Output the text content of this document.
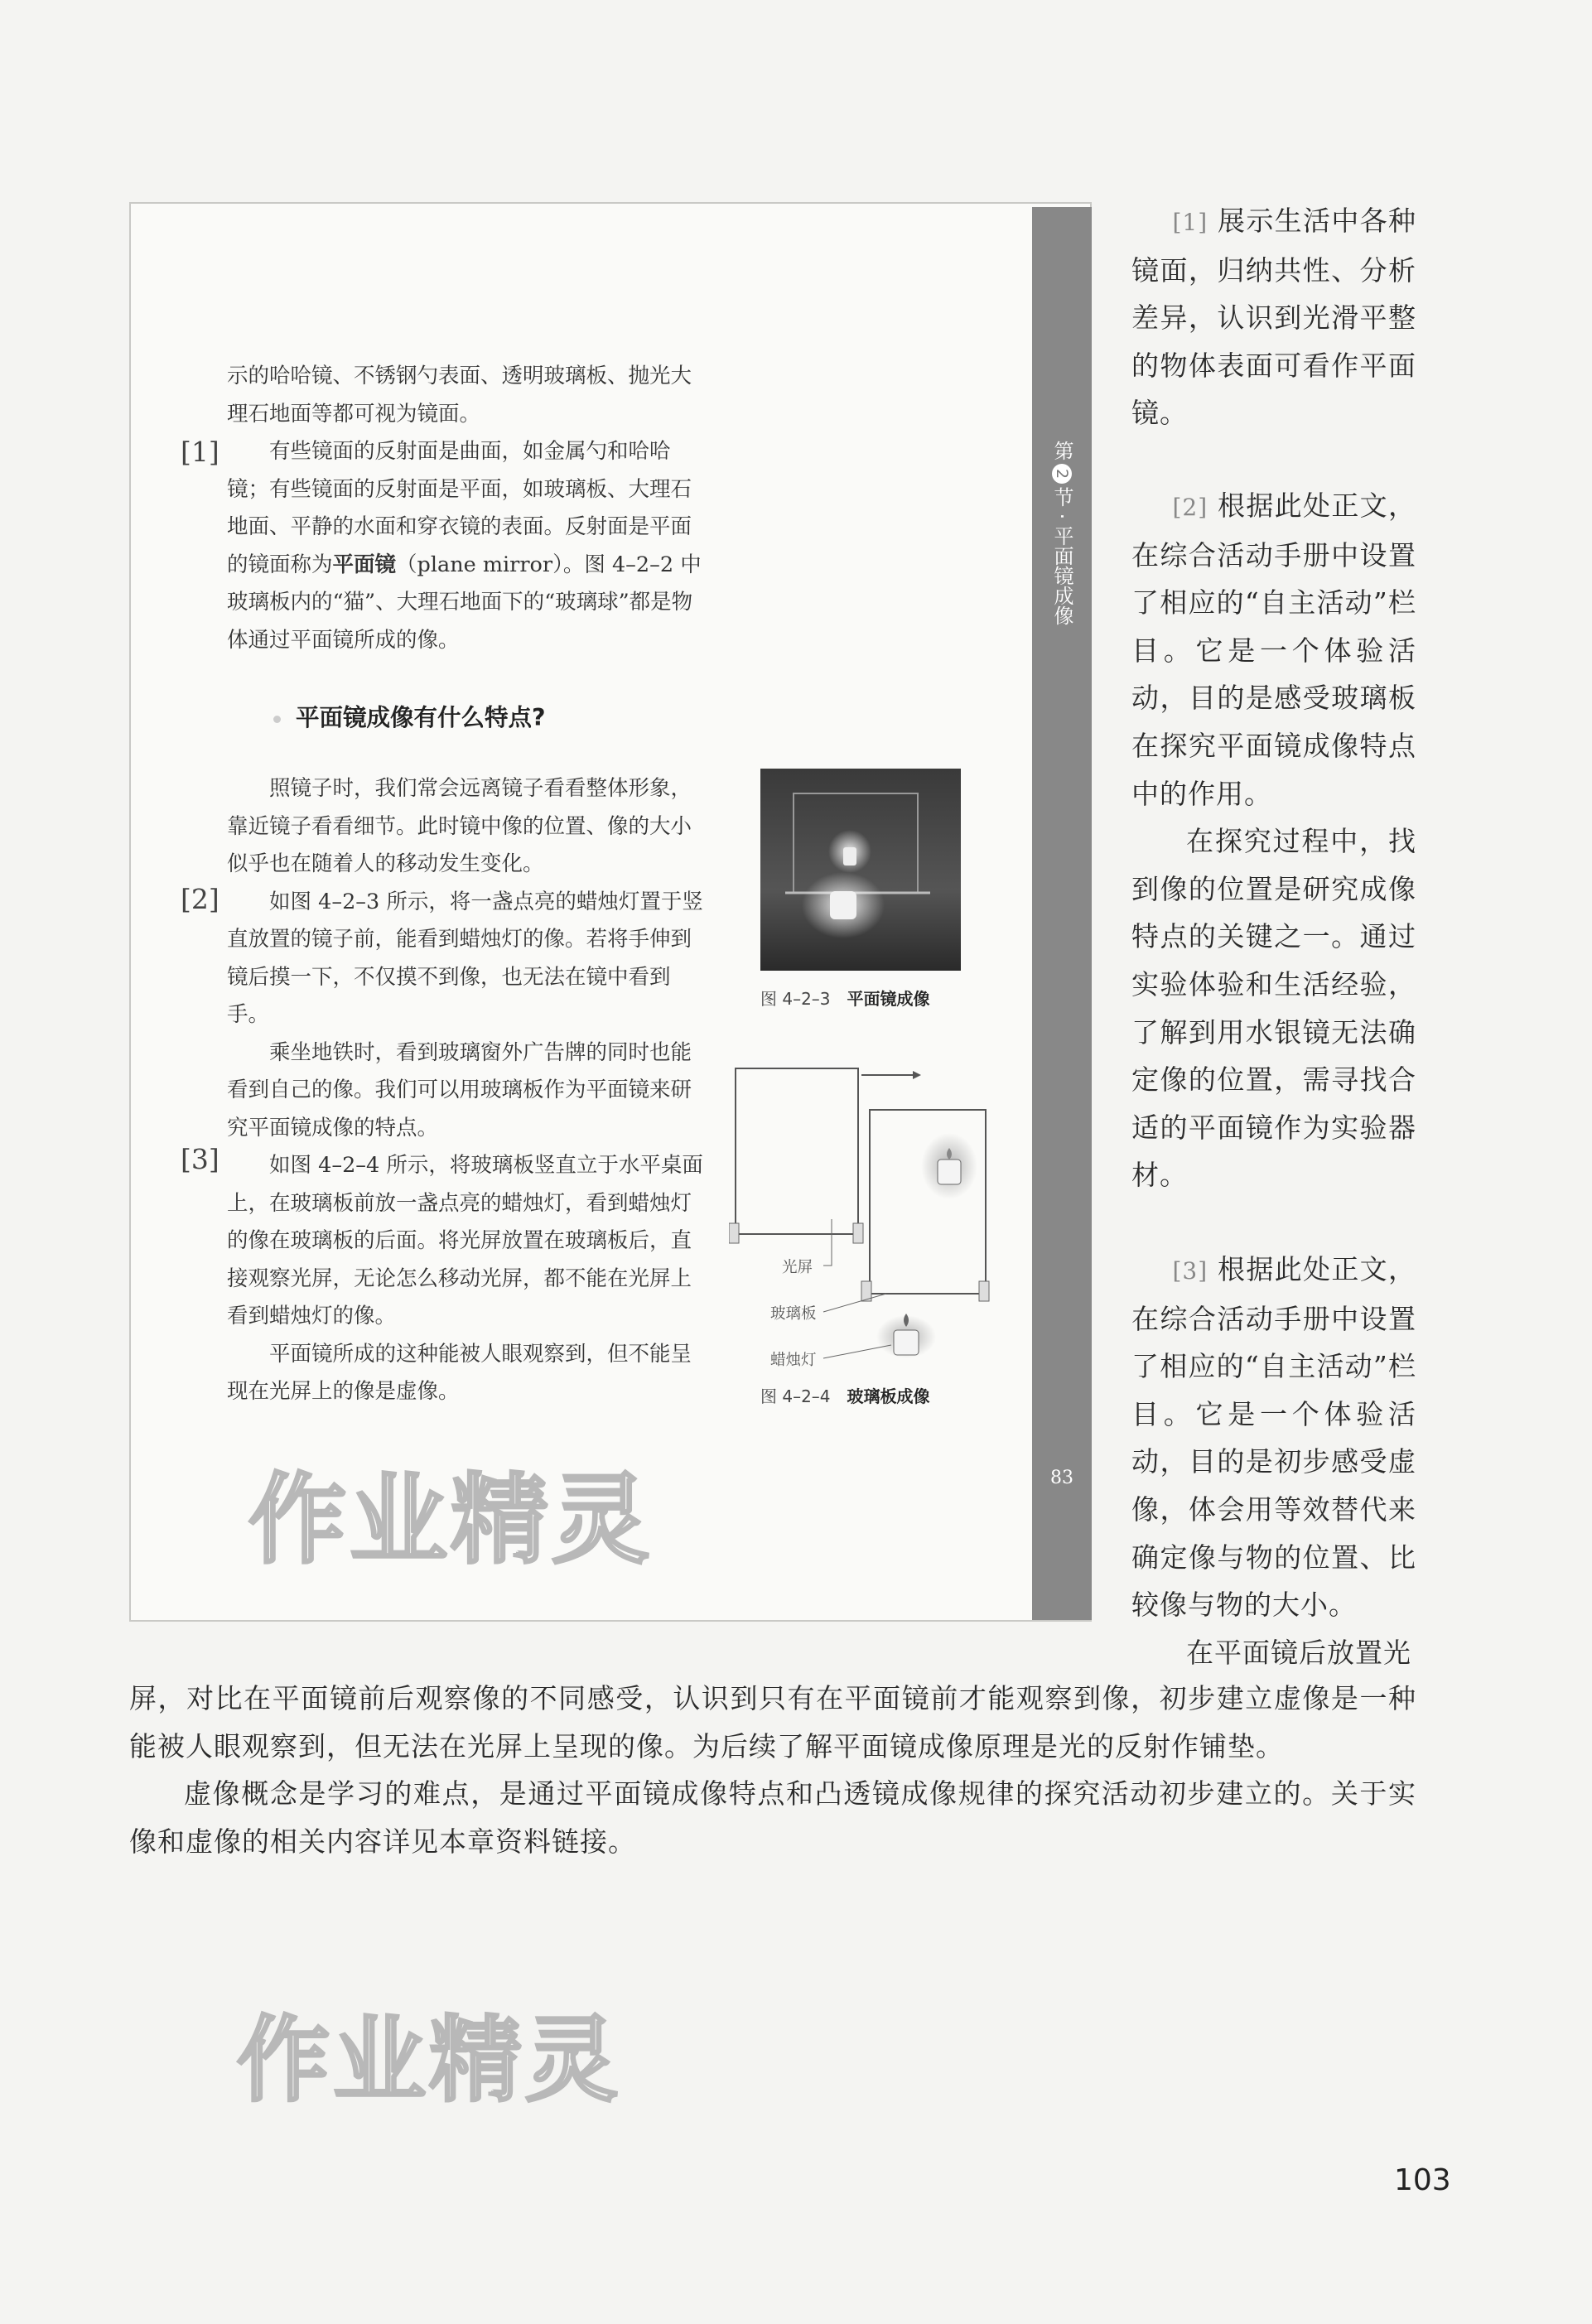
第
2
节 · 平面镜成像
83

示的哈哈镜、不锈钢勺表面、透明玻璃板、抛光大理石地面等都可视为镜面。

有些镜面的反射面是曲面，如金属勺和哈哈镜；有些镜面的反射面是平面，如玻璃板、大理石地面、平静的水面和穿衣镜的表面。反射面是平面的镜面称为平面镜（plane mirror）。图 4–2–2 中玻璃板内的“猫”、大理石地面下的“玻璃球”都是物体通过平面镜所成的像。

[1]
平面镜成像有什么特点?

照镜子时，我们常会远离镜子看看整体形象，靠近镜子看看细节。此时镜中像的位置、像的大小似乎也在随着人的移动发生变化。

如图 4–2–3 所示，将一盏点亮的蜡烛灯置于竖直放置的镜子前，能看到蜡烛灯的像。若将手伸到镜后摸一下，不仅摸不到像，也无法在镜中看到手。

乘坐地铁时，看到玻璃窗外广告牌的同时也能看到自己的像。我们可以用玻璃板作为平面镜来研究平面镜成像的特点。

如图 4–2–4 所示，将玻璃板竖直立于水平桌面上，在玻璃板前放一盏点亮的蜡烛灯，看到蜡烛灯的像在玻璃板的后面。将光屏放置在玻璃板后，直接观察光屏，无论怎么移动光屏，都不能在光屏上看到蜡烛灯的像。

平面镜所成的这种能被人眼观察到，但不能呈现在光屏上的像是虚像。

[2]
[3]
图 4–2–3 平面镜成像
光屏
玻璃板
蜡烛灯
图 4–2–4 玻璃板成像
作业精灵

[1] 展示生活中各种镜面，归纳共性、分析差异，认识到光滑平整的物体表面可看作平面镜。

[2] 根据此处正文，在综合活动手册中设置了相应的“自主活动”栏目。它是一个体验活动，目的是感受玻璃板在探究平面镜成像特点中的作用。

在探究过程中，找到像的位置是研究成像特点的关键之一。通过实验体验和生活经验，了解到用水银镜无法确定像的位置，需寻找合适的平面镜作为实验器材。

[3] 根据此处正文，在综合活动手册中设置了相应的“自主活动”栏目。它是一个体验活动，目的是初步感受虚像，体会用等效替代来确定像与物的位置、比较像与物的大小。

在平面镜后放置光

屏，对比在平面镜前后观察像的不同感受，认识到只有在平面镜前才能观察到像，初步建立虚像是一种能被人眼观察到，但无法在光屏上呈现的像。为后续了解平面镜成像原理是光的反射作铺垫。

虚像概念是学习的难点，是通过平面镜成像特点和凸透镜成像规律的探究活动初步建立的。关于实像和虚像的相关内容详见本章资料链接。

作业精灵
103
